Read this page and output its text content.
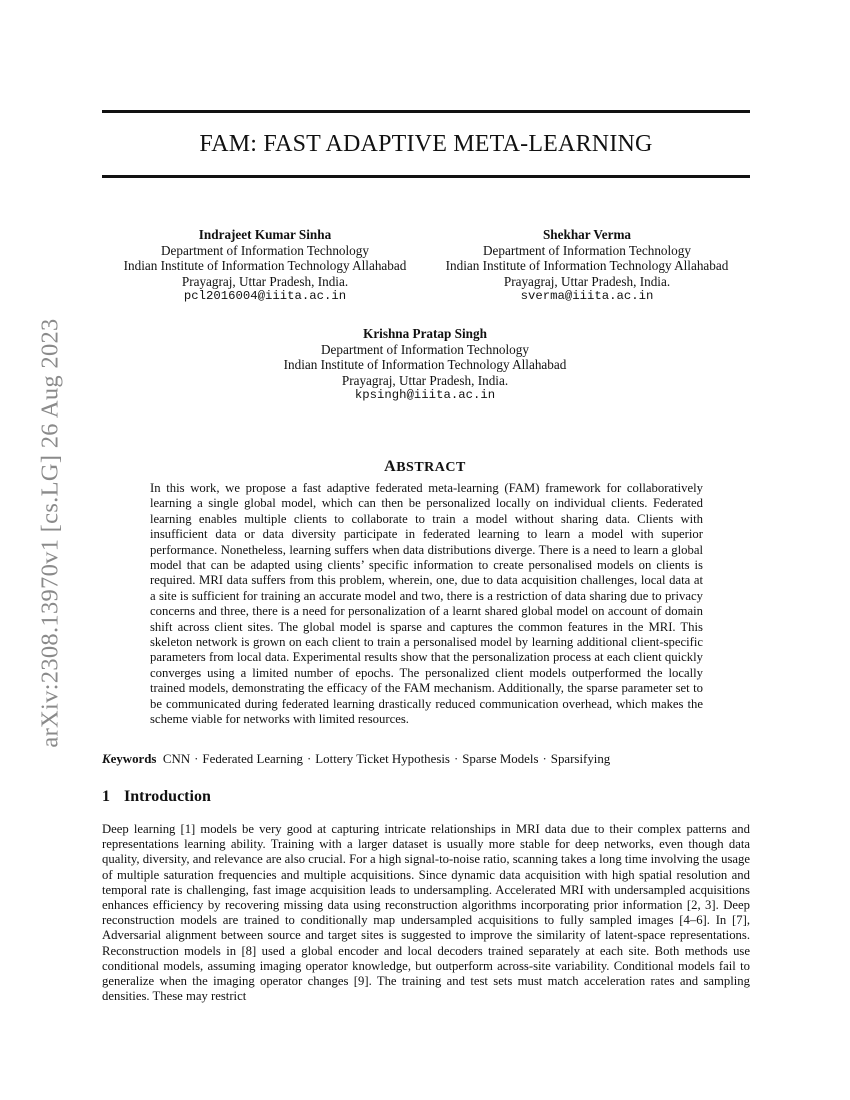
arXiv:2308.13970v1 [cs.LG] 26 Aug 2023
FAM: FAST ADAPTIVE META-LEARNING
Indrajeet Kumar Sinha
Department of Information Technology
Indian Institute of Information Technology Allahabad
Prayagraj, Uttar Pradesh, India.
pcl2016004@iiita.ac.in
Shekhar Verma
Department of Information Technology
Indian Institute of Information Technology Allahabad
Prayagraj, Uttar Pradesh, India.
sverma@iiita.ac.in
Krishna Pratap Singh
Department of Information Technology
Indian Institute of Information Technology Allahabad
Prayagraj, Uttar Pradesh, India.
kpsingh@iiita.ac.in
ABSTRACT

In this work, we propose a fast adaptive federated meta-learning (FAM) framework for collaboratively learning a single global model, which can then be personalized locally on individual clients. Federated learning enables multiple clients to collaborate to train a model without sharing data. Clients with insufficient data or data diversity participate in federated learning to learn a model with superior performance. Nonetheless, learning suffers when data distributions diverge. There is a need to learn a global model that can be adapted using clients’ specific information to create personalised models on clients is required. MRI data suffers from this problem, wherein, one, due to data acquisition challenges, local data at a site is sufficient for training an accurate model and two, there is a restriction of data sharing due to privacy concerns and three, there is a need for personalization of a learnt shared global model on account of domain shift across client sites. The global model is sparse and captures the common features in the MRI. This skeleton network is grown on each client to train a personalised model by learning additional client-specific parameters from local data. Experimental results show that the personalization process at each client quickly converges using a limited number of epochs. The personalized client models outperformed the locally trained models, demonstrating the efficacy of the FAM mechanism. Additionally, the sparse parameter set to be communicated during federated learning drastically reduced communication overhead, which makes the scheme viable for networks with limited resources.

Keywords CNN · Federated Learning · Lottery Ticket Hypothesis · Sparse Models · Sparsifying
1 Introduction

Deep learning [1] models be very good at capturing intricate relationships in MRI data due to their complex patterns and representations learning ability. Training with a larger dataset is usually more stable for deep networks, even though data quality, diversity, and relevance are also crucial. For a high signal-to-noise ratio, scanning takes a long time involving the usage of multiple saturation frequencies and multiple acquisitions. Since dynamic data acquisition with high spatial resolution and temporal rate is challenging, fast image acquisition leads to undersampling. Accelerated MRI with undersampled acquisitions enhances efficiency by recovering missing data using reconstruction algorithms incorporating prior information [2, 3]. Deep reconstruction models are trained to conditionally map undersampled acquisitions to fully sampled images [4–6]. In [7], Adversarial alignment between source and target sites is suggested to improve the similarity of latent-space representations. Reconstruction models in [8] used a global encoder and local decoders trained separately at each site. Both methods use conditional models, assuming imaging operator knowledge, but outperform across-site variability. Conditional models fail to generalize when the imaging operator changes [9]. The training and test sets must match acceleration rates and sampling densities. These may restrict
